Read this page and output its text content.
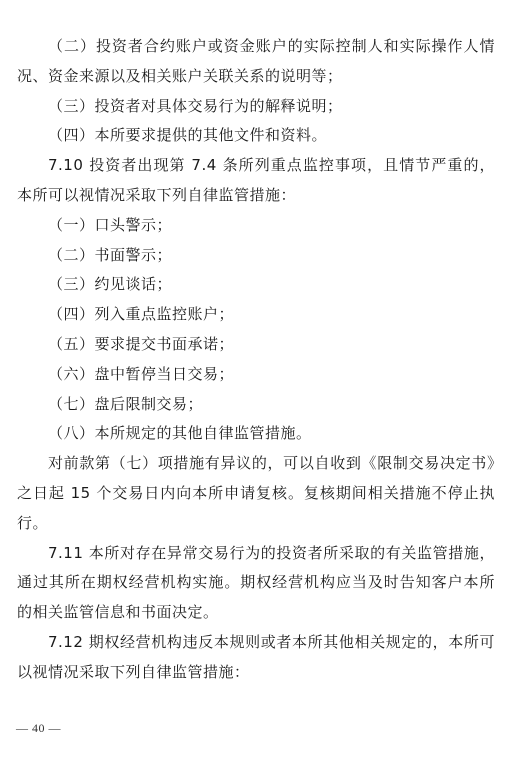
（二）投资者合约账户或资金账户的实际控制人和实际操作人情况、资金来源以及相关账户关联关系的说明等；

（三）投资者对具体交易行为的解释说明；

（四）本所要求提供的其他文件和资料。

7.10 投资者出现第 7.4 条所列重点监控事项，且情节严重的，本所可以视情况采取下列自律监管措施：

（一）口头警示；

（二）书面警示；

（三）约见谈话；

（四）列入重点监控账户；

（五）要求提交书面承诺；

（六）盘中暂停当日交易；

（七）盘后限制交易；

（八）本所规定的其他自律监管措施。

对前款第（七）项措施有异议的，可以自收到《限制交易决定书》之日起 15 个交易日内向本所申请复核。复核期间相关措施不停止执行。

7.11 本所对存在异常交易行为的投资者所采取的有关监管措施，通过其所在期权经营机构实施。期权经营机构应当及时告知客户本所的相关监管信息和书面决定。

7.12 期权经营机构违反本规则或者本所其他相关规定的，本所可以视情况采取下列自律监管措施：

— 40 —
